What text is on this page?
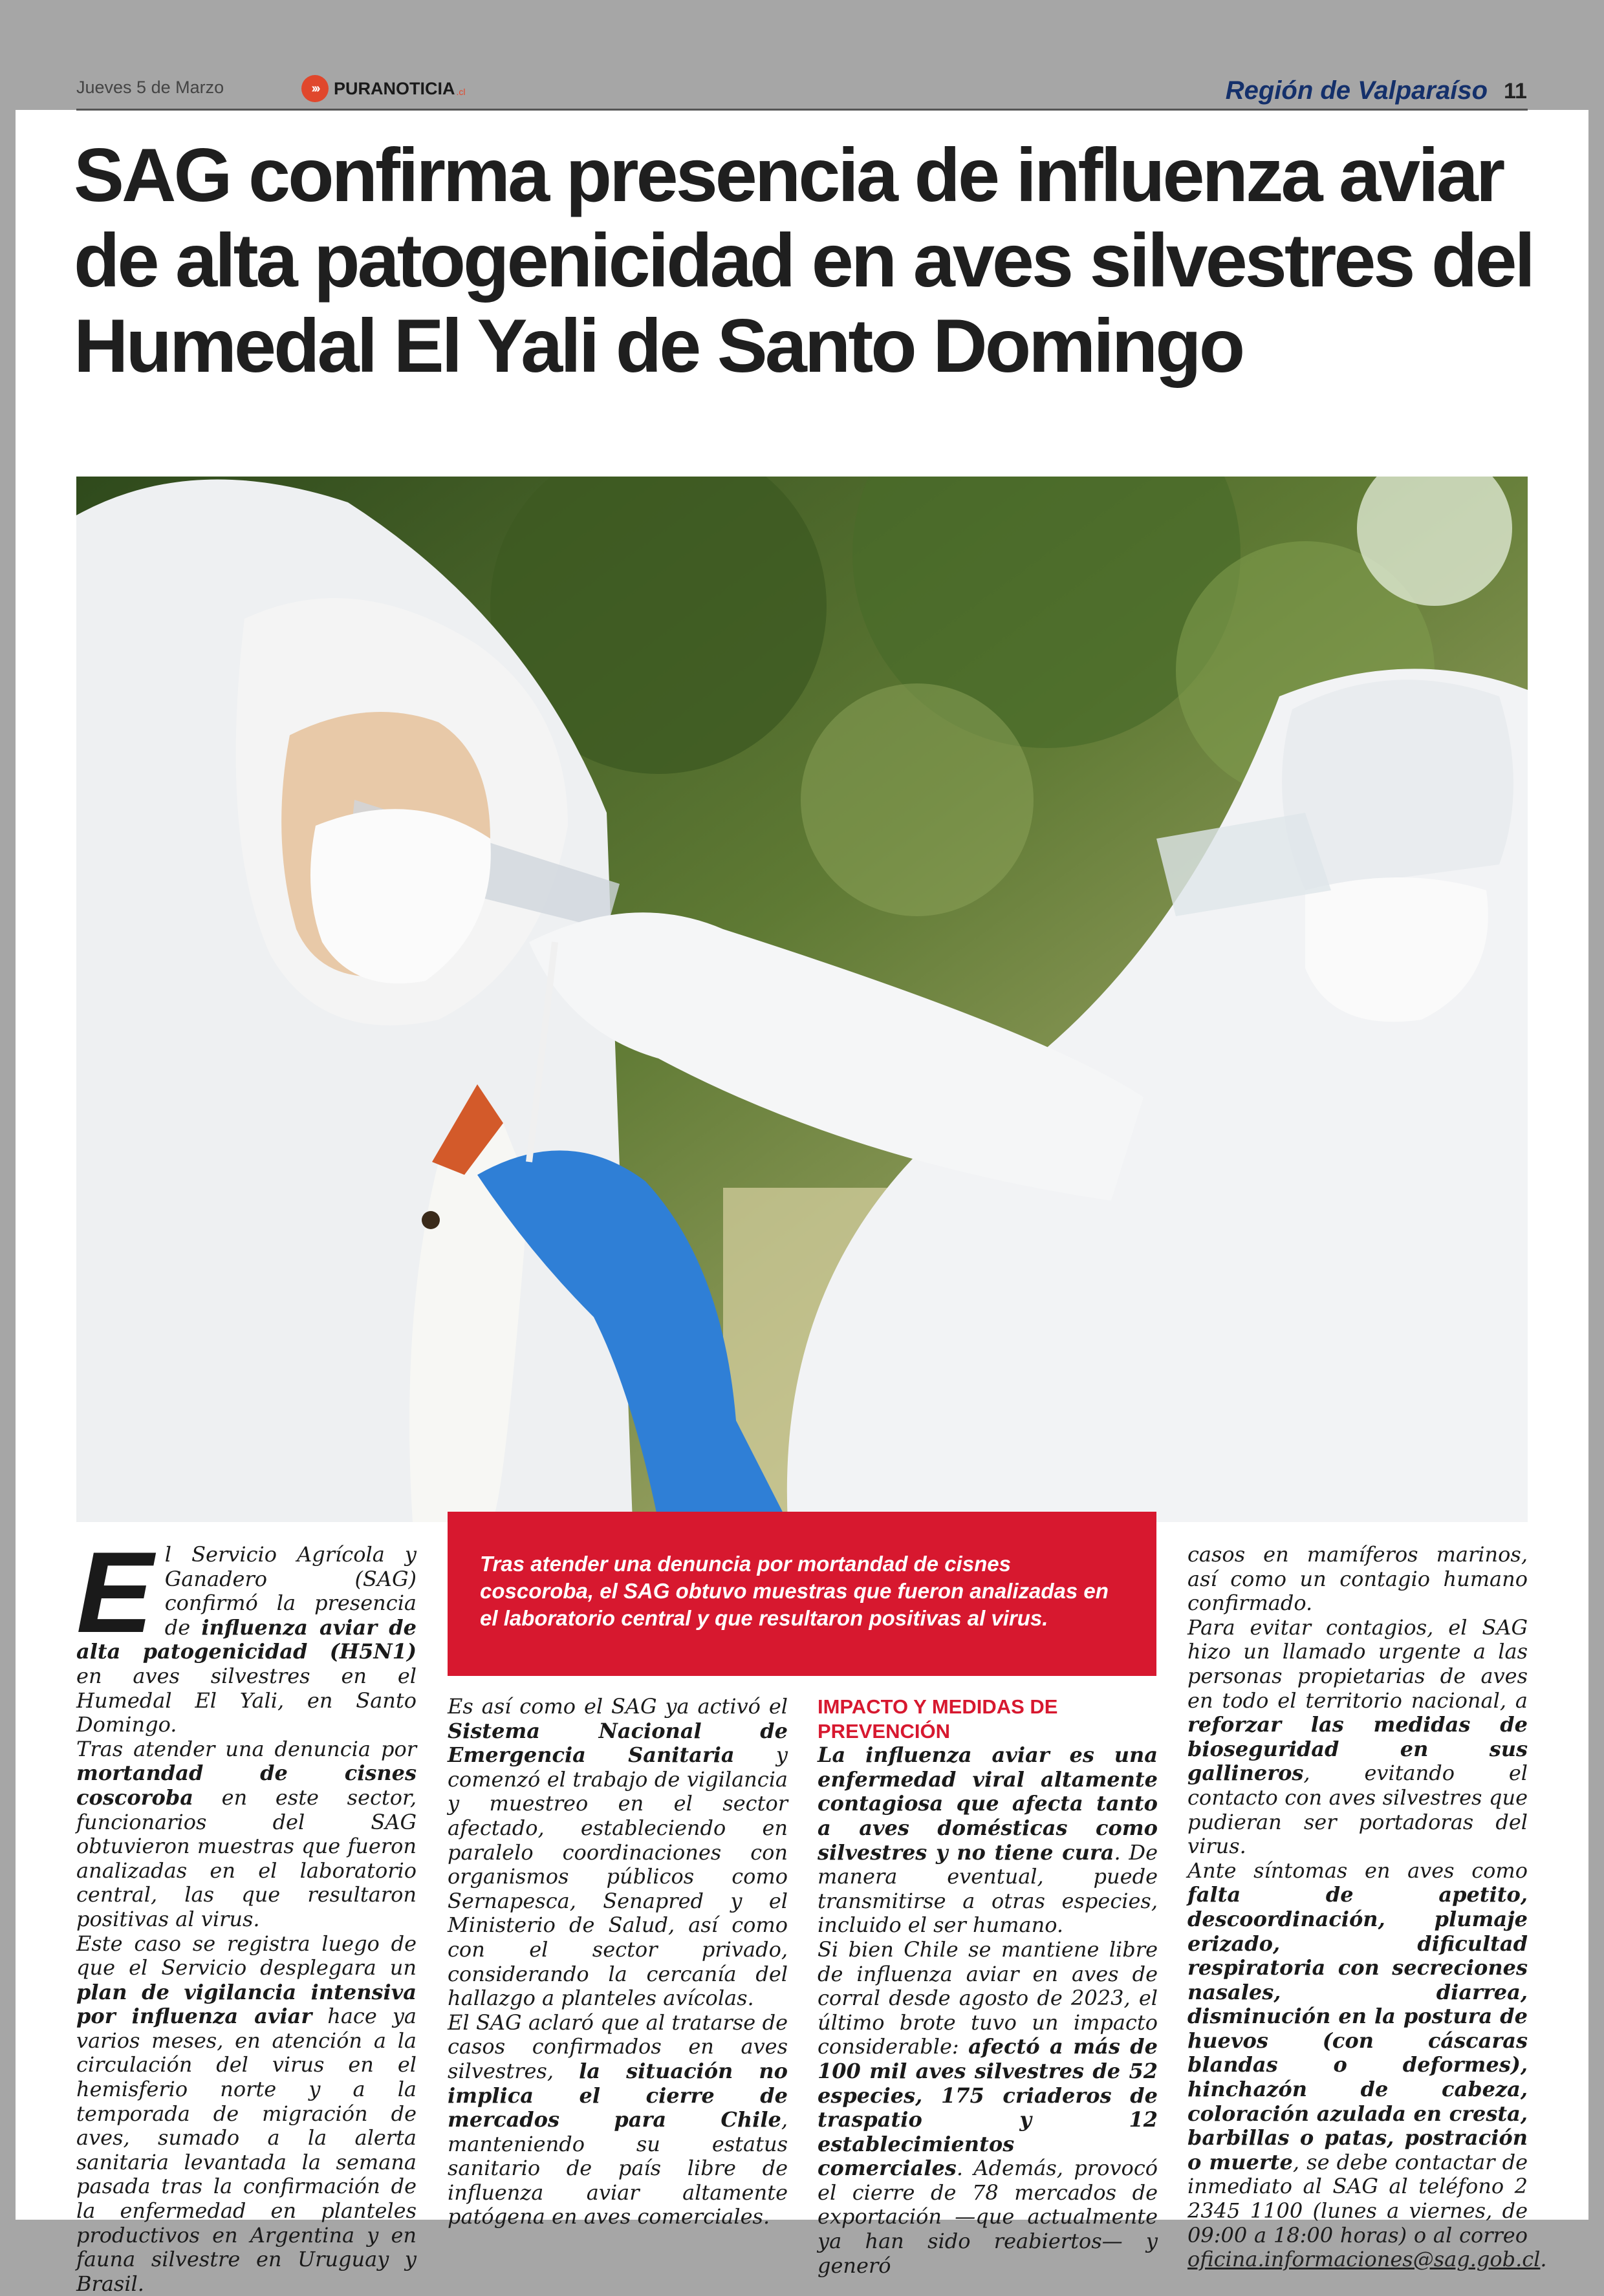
Jueves 5 de Marzo	››› PURANOTICIA .cl	Región de Valparaíso 11
SAG confirma presencia de influenza aviar de alta patogenicidad en aves silvestres del Humedal El Yali de Santo Domingo
Tras atender una denuncia por mortandad de cisnes coscoroba, el SAG obtuvo muestras que fueron analizadas en el laboratorio central y que resultaron positivas al virus.
E l Servicio Agrícola y Ganadero (SAG) confirmó la presencia de influenza aviar de alta patogenicidad (H5N1) en aves silvestres en el Humedal El Yali, en Santo Domingo.

Tras atender una denuncia por mortandad de cisnes coscoroba en este sector, funcionarios del SAG obtuvieron muestras que fueron analizadas en el laboratorio central, las que resultaron positivas al virus.

Este caso se registra luego de que el Servicio desplegara un plan de vigilancia intensiva por influenza aviar hace ya varios meses, en atención a la circulación del virus en el hemisferio norte y a la temporada de migración de aves, sumado a la alerta sanitaria levantada la semana pasada tras la confirmación de la enfermedad en planteles productivos en Argentina y en fauna silvestre en Uruguay y Brasil.

Es así como el SAG ya activó el Sistema Nacional de Emergencia Sanitaria y comenzó el trabajo de vigilancia y muestreo en el sector afectado, estableciendo en paralelo coordinaciones con organismos públicos como Sernapesca, Senapred y el Ministerio de Salud, así como con el sector privado, considerando la cercanía del hallazgo a planteles avícolas.

El SAG aclaró que al tratarse de casos confirmados en aves silvestres, la situación no implica el cierre de mercados para Chile, manteniendo su estatus sanitario de país libre de influenza aviar altamente patógena en aves comerciales.

IMPACTO Y MEDIDAS DE PREVENCIÓN

La influenza aviar es una enfermedad viral altamente contagiosa que afecta tanto a aves domésticas como silvestres y no tiene cura. De manera eventual, puede transmitirse a otras especies, incluido el ser humano.

Si bien Chile se mantiene libre de influenza aviar en aves de corral desde agosto de 2023, el último brote tuvo un impacto considerable: afectó a más de 100 mil aves silvestres de 52 especies, 175 criaderos de traspatio y 12 establecimientos comerciales. Además, provocó el cierre de 78 mercados de exportación —que actualmente ya han sido reabiertos— y generó

casos en mamíferos marinos, así como un contagio humano confirmado.

Para evitar contagios, el SAG hizo un llamado urgente a las personas propietarias de aves en todo el territorio nacional, a reforzar las medidas de bioseguridad en sus gallineros, evitando el contacto con aves silvestres que pudieran ser portadoras del virus.

Ante síntomas en aves como falta de apetito, descoordinación, plumaje erizado, dificultad respiratoria con secreciones nasales, diarrea, disminución en la postura de huevos (con cáscaras blandas o deformes), hinchazón de cabeza, coloración azulada en cresta, barbillas o patas, postración o muerte, se debe contactar de inmediato al SAG al teléfono 2 2345 1100 (lunes a viernes, de 09:00 a 18:00 horas) o al correo oficina.informaciones@sag.gob.cl.
